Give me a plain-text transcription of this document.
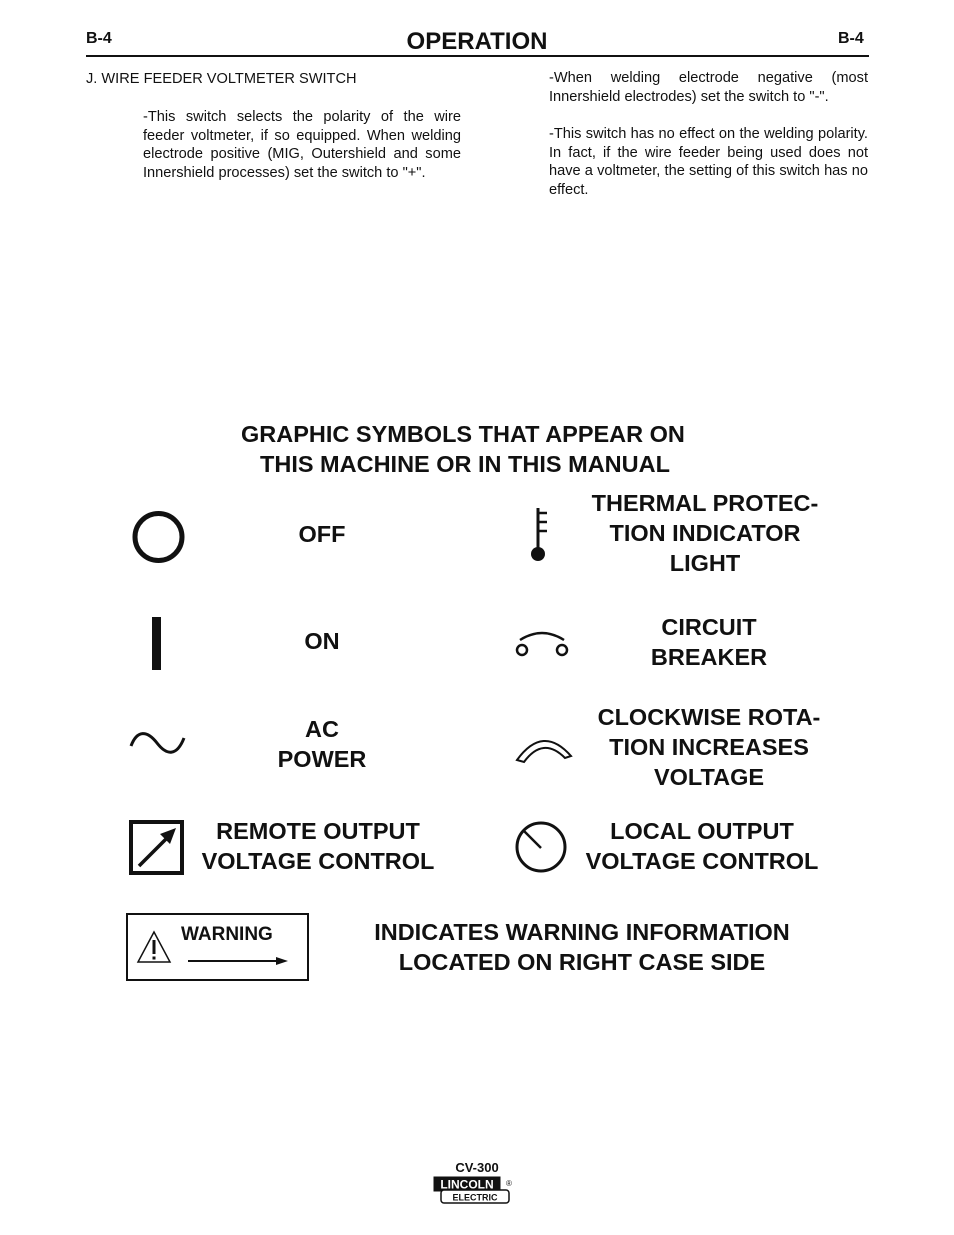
B-4	OPERATION	B-4
J. WIRE FEEDER VOLTMETER SWITCH
-This switch selects the polarity of the wire feeder voltmeter, if so equipped. When welding electrode positive (MIG, Outershield and some Innershield processes) set the switch to "+".
-When welding electrode negative (most Innershield electrodes) set the switch to "-".
-This switch has no effect on the welding polarity. In fact, if the wire feeder being used does not have a voltmeter, the setting of this switch has no effect.
GRAPHIC SYMBOLS THAT APPEAR ON
THIS MACHINE OR IN THIS MANUAL
OFF
ON
AC
POWER
REMOTE OUTPUT
VOLTAGE CONTROL
THERMAL PROTEC-
TION INDICATOR
LIGHT
CIRCUIT
BREAKER
CLOCKWISE ROTA-
TION INCREASES
VOLTAGE
LOCAL OUTPUT
VOLTAGE CONTROL
WARNING	INDICATES WARNING INFORMATION
LOCATED ON RIGHT CASE SIDE
CV-300
LINCOLN
ELECTRIC
®
